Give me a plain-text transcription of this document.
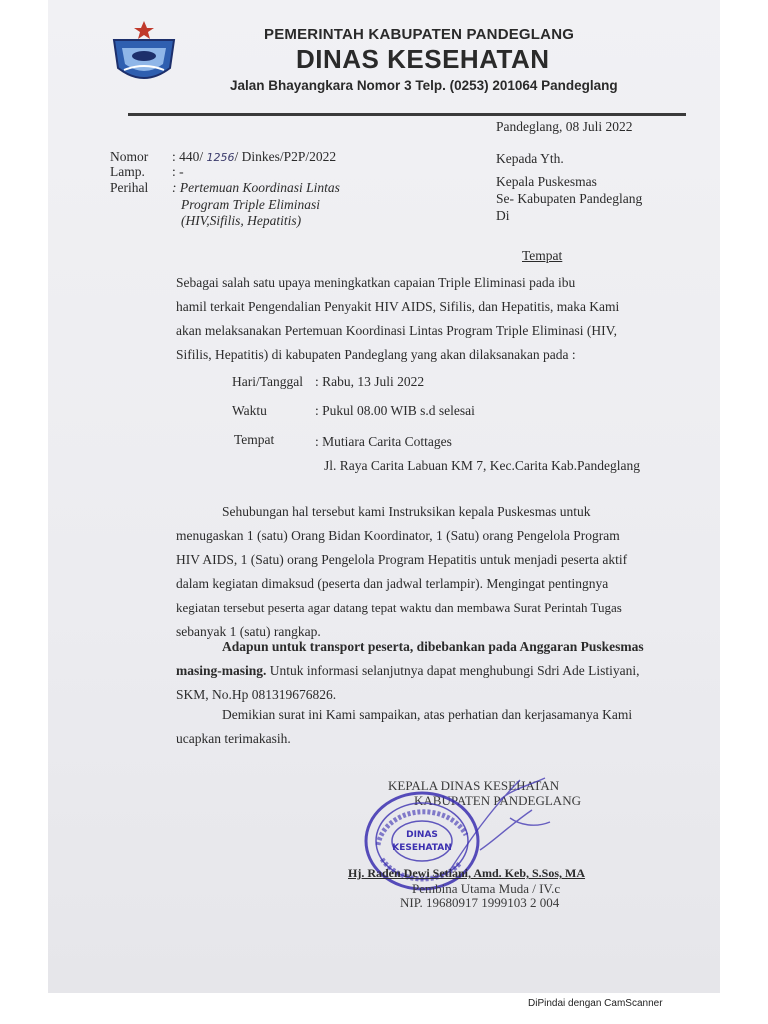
PEMERINTAH KABUPATEN PANDEGLANG
DINAS KESEHATAN
Jalan Bhayangkara Nomor 3 Telp. (0253) 201064 Pandeglang
Pandeglang, 08 Juli 2022
Nomor : 440/ 1256/ Dinkes/P2P/2022
Lamp. : -
Perihal : Pertemuan Koordinasi Lintas
Program Triple Eliminasi
(HIV,Sifilis, Hepatitis)
Kepada Yth.
Kepala Puskesmas
Se- Kabupaten Pandeglang
Di
Tempat
Sebagai salah satu upaya meningkatkan capaian Triple Eliminasi pada ibu
hamil terkait Pengendalian Penyakit HIV AIDS, Sifilis, dan Hepatitis, maka Kami
akan melaksanakan Pertemuan Koordinasi Lintas Program Triple Eliminasi (HIV,
Sifilis, Hepatitis) di kabupaten Pandeglang yang akan dilaksanakan pada :
Hari/Tanggal : Rabu, 13 Juli 2022
Waktu	: Pukul 08.00 WIB s.d selesai
Tempat	: Mutiara Carita Cottages
Jl. Raya Carita Labuan KM 7, Kec.Carita Kab.Pandeglang
Sehubungan hal tersebut kami Instruksikan kepala Puskesmas untuk
menugaskan 1 (satu) Orang Bidan Koordinator, 1 (Satu) orang Pengelola Program
HIV AIDS, 1 (Satu) orang Pengelola Program Hepatitis untuk menjadi peserta aktif
dalam kegiatan dimaksud (peserta dan jadwal terlampir). Mengingat pentingnya
kegiatan tersebut peserta agar datang tepat waktu dan membawa Surat Perintah Tugas
sebanyak 1 (satu) rangkap.
Adapun untuk transport peserta, dibebankan pada Anggaran Puskesmas
masing-masing. Untuk informasi selanjutnya dapat menghubungi Sdri Ade Listiyani,
SKM, No.Hp 081319676826.
Demikian surat ini Kami sampaikan, atas perhatian dan kerjasamanya Kami
ucapkan terimakasih.
KEPALA DINAS KESEHATAN
KABUPATEN PANDEGLANG
DINAS
KESEHATAN
Hj. Raden Dewi Setiani, Amd. Keb, S.Sos, MA
Pembina Utama Muda / IV.c
NIP. 19680917 1999103 2 004
DiPindai dengan CamScanner
